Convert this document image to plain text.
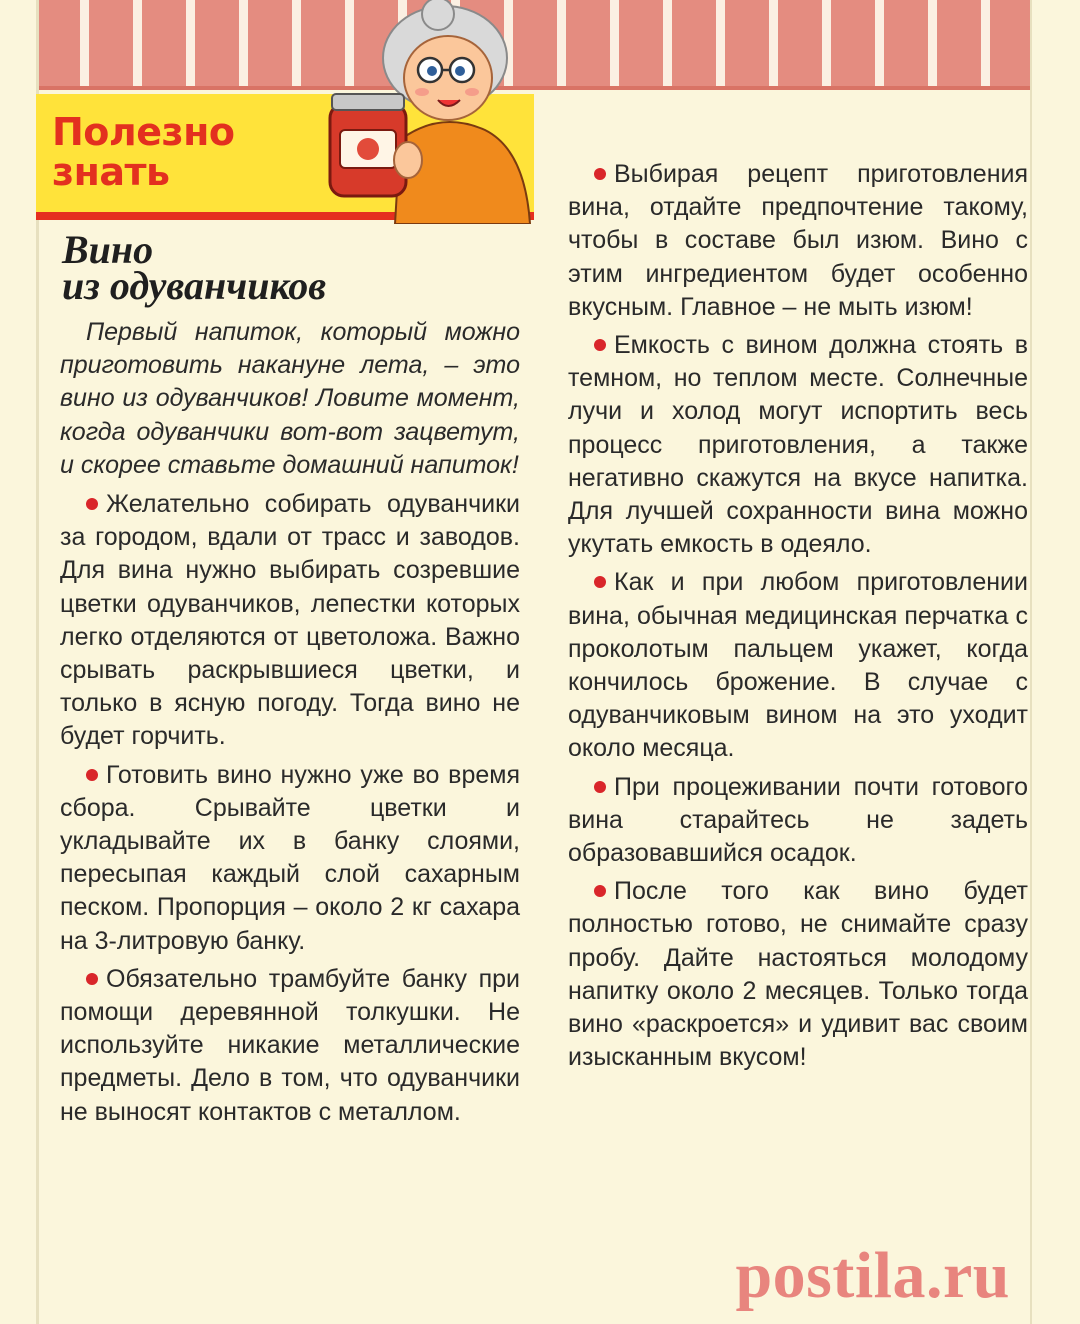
Полезно
знать
Вино
из одуванчиков

Первый напиток, который можно приготовить накануне лета, – это вино из одуванчиков! Ловите момент, когда одуванчики вот-вот зацветут, и скорее ставьте домашний напиток!

Желательно собирать одуванчики за городом, вдали от трасс и заводов. Для вина нужно выбирать созревшие цветки одуванчиков, лепестки которых легко отделяются от цветоложа. Важно срывать раскрывшиеся цветки, и только в ясную погоду. Тогда вино не будет горчить.

Готовить вино нужно уже во время сбора. Срывайте цветки и укладывайте их в банку слоями, пересыпая каждый слой сахарным песком. Пропорция – около 2 кг сахара на 3-литровую банку.

Обязательно трамбуйте банку при помощи деревянной толкушки. Не используйте никакие металлические предметы. Дело в том, что одуванчики не выносят контактов с металлом.

Выбирая рецепт приготовления вина, отдайте предпочтение такому, чтобы в составе был изюм. Вино с этим ингредиентом будет особенно вкусным. Главное – не мыть изюм!

Емкость с вином должна стоять в темном, но теплом месте. Солнечные лучи и холод могут испортить весь процесс приготовления, а также негативно скажутся на вкусе напитка. Для лучшей сохранности вина можно укутать емкость в одеяло.

Как и при любом приготовлении вина, обычная медицинская перчатка с проколотым пальцем укажет, когда кончилось брожение. В случае с одуванчиковым вином на это уходит около месяца.

При процеживании почти готового вина старайтесь не задеть образовавшийся осадок.

После того как вино будет полностью готово, не снимайте сразу пробу. Дайте настояться молодому напитку около 2 месяцев. Только тогда вино «раскроется» и удивит вас своим изысканным вкусом!

postila.ru
